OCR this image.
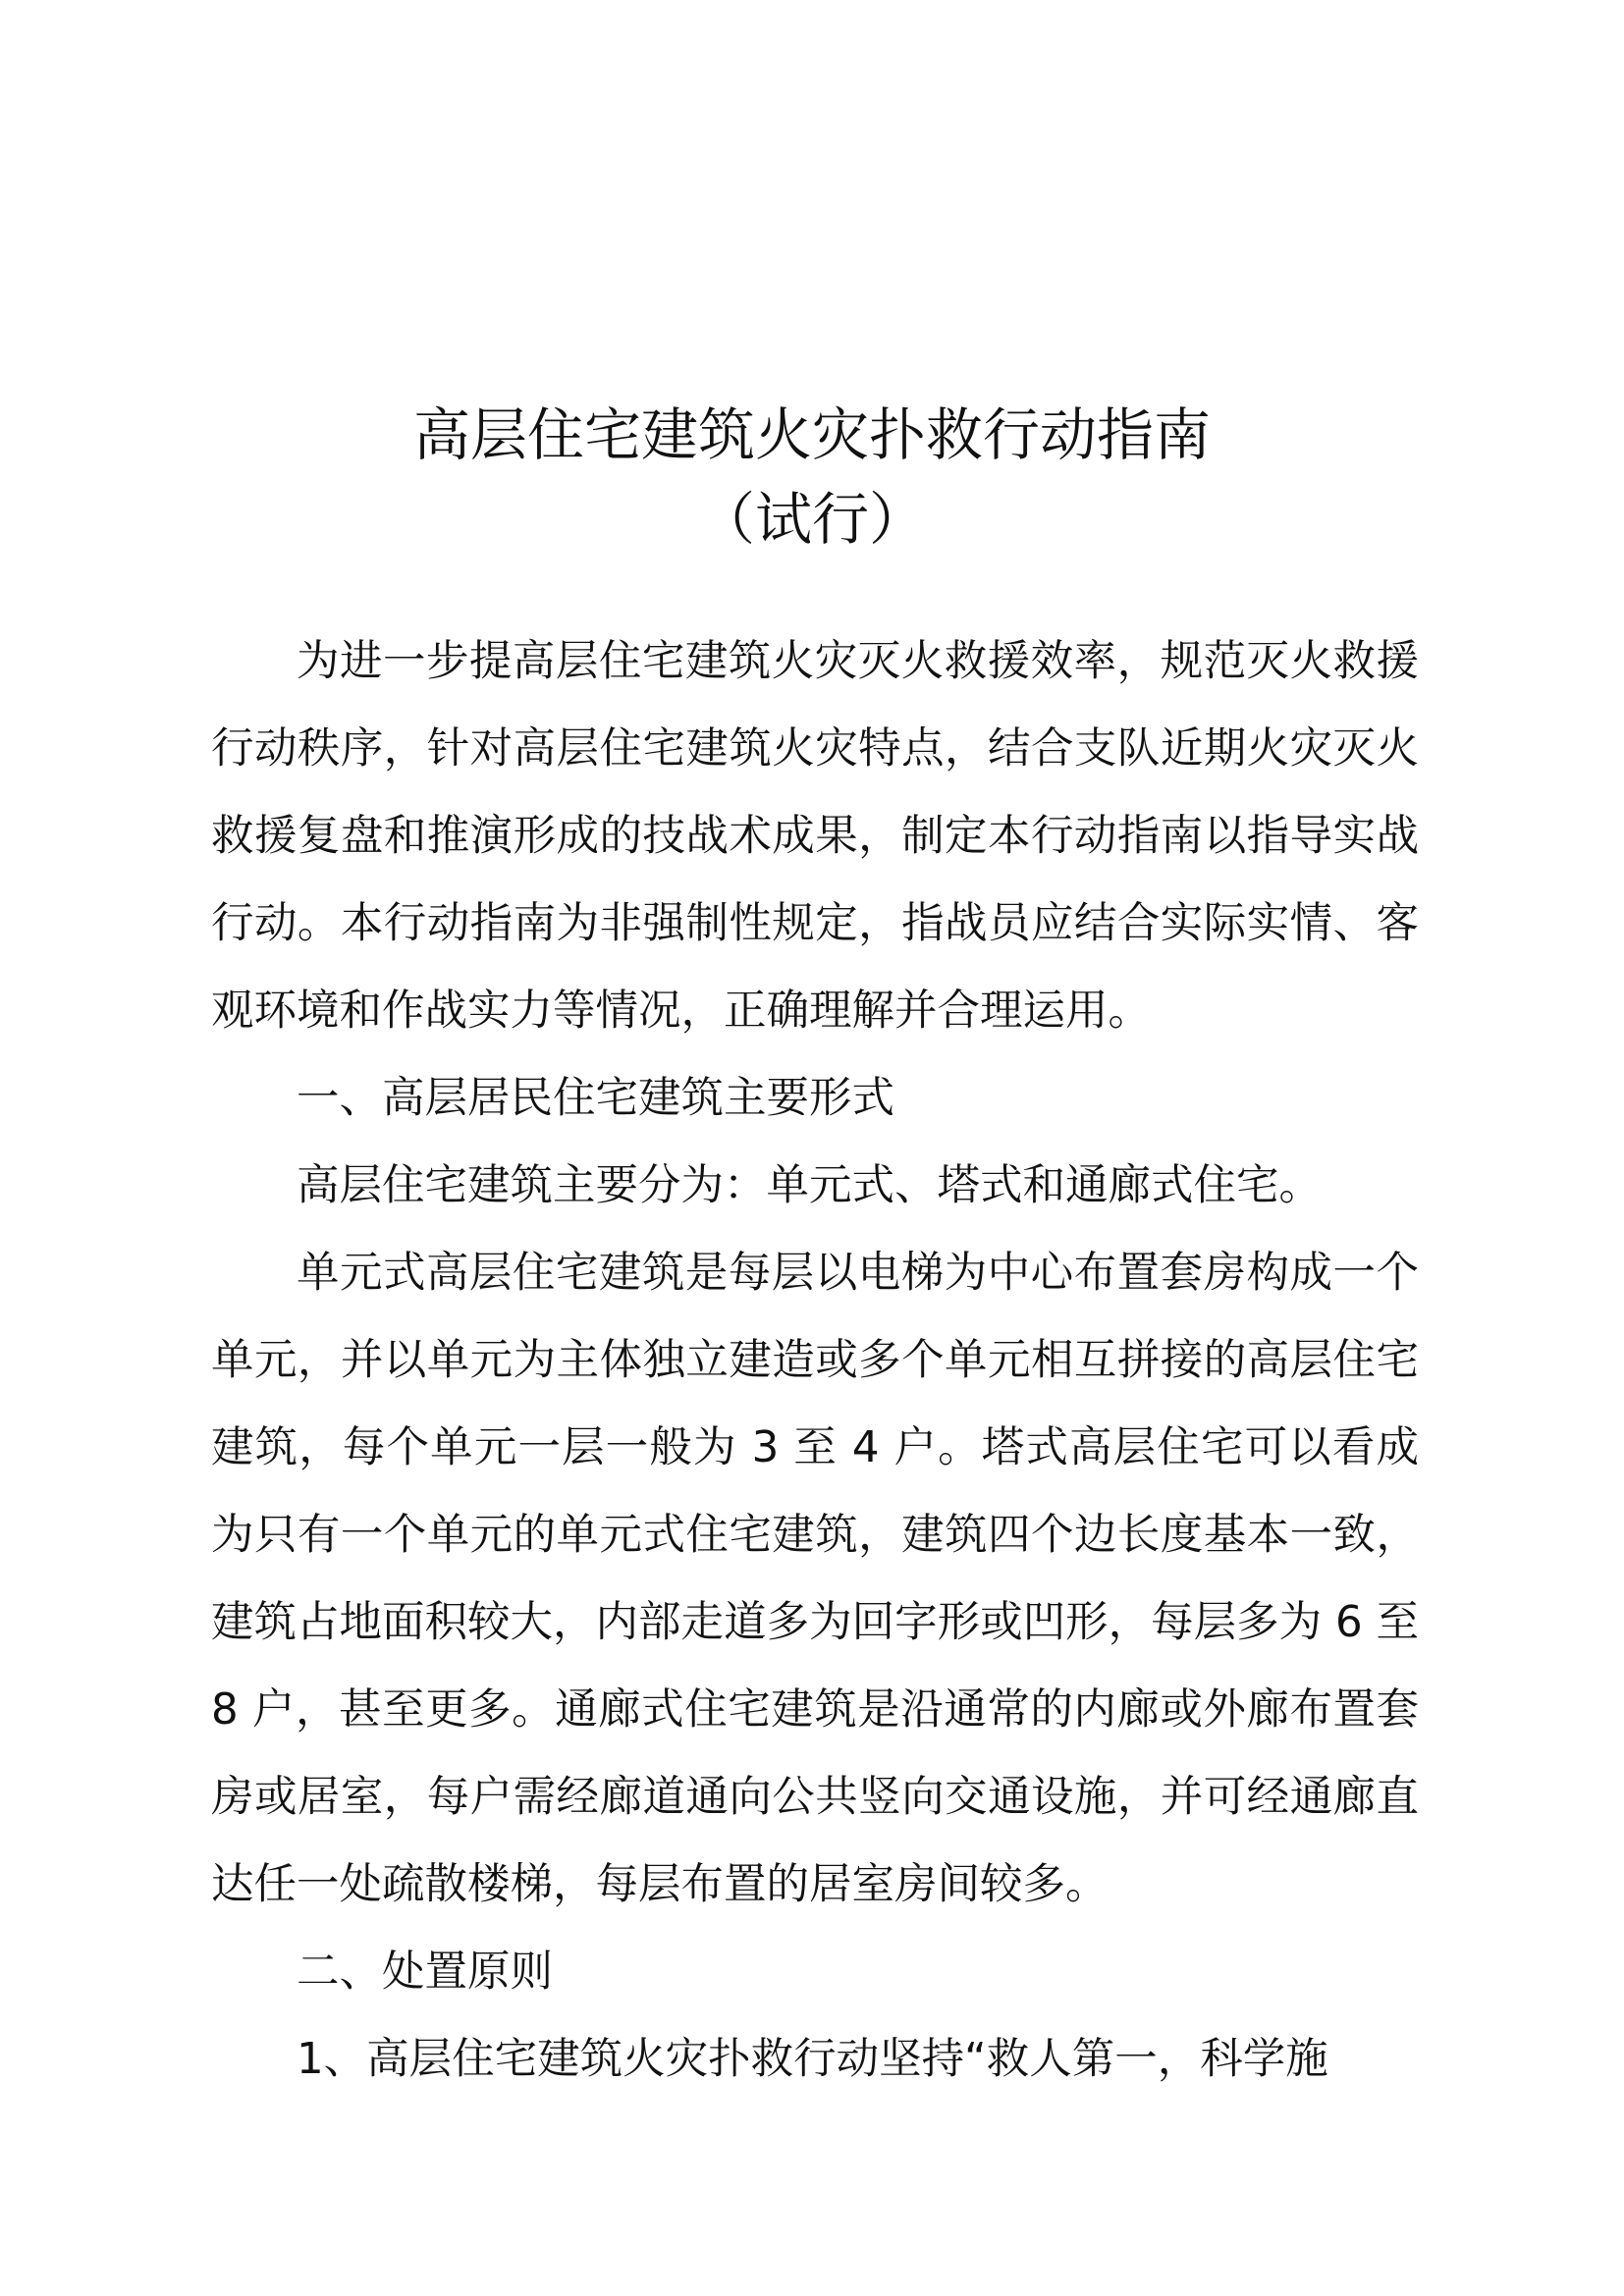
高层住宅建筑火灾扑救行动指南
（试行）

为进一步提高层住宅建筑火灾灭火救援效率，规范灭火救援行动秩序，针对高层住宅建筑火灾特点，结合支队近期火灾灭火救援复盘和推演形成的技战术成果，制定本行动指南以指导实战行动。本行动指南为非强制性规定，指战员应结合实际实情、客观环境和作战实力等情况，正确理解并合理运用。

一、高层居民住宅建筑主要形式

高层住宅建筑主要分为：单元式、塔式和通廊式住宅。

单元式高层住宅建筑是每层以电梯为中心布置套房构成一个单元，并以单元为主体独立建造或多个单元相互拼接的高层住宅建筑，每个单元一层一般为 3 至 4 户。塔式高层住宅可以看成为只有一个单元的单元式住宅建筑，建筑四个边长度基本一致，建筑占地面积较大，内部走道多为回字形或凹形，每层多为 6 至 8 户，甚至更多。通廊式住宅建筑是沿通常的内廊或外廊布置套房或居室，每户需经廊道通向公共竖向交通设施，并可经通廊直达任一处疏散楼梯，每层布置的居室房间较多。

二、处置原则

1、高层住宅建筑火灾扑救行动坚持“救人第一，科学施
